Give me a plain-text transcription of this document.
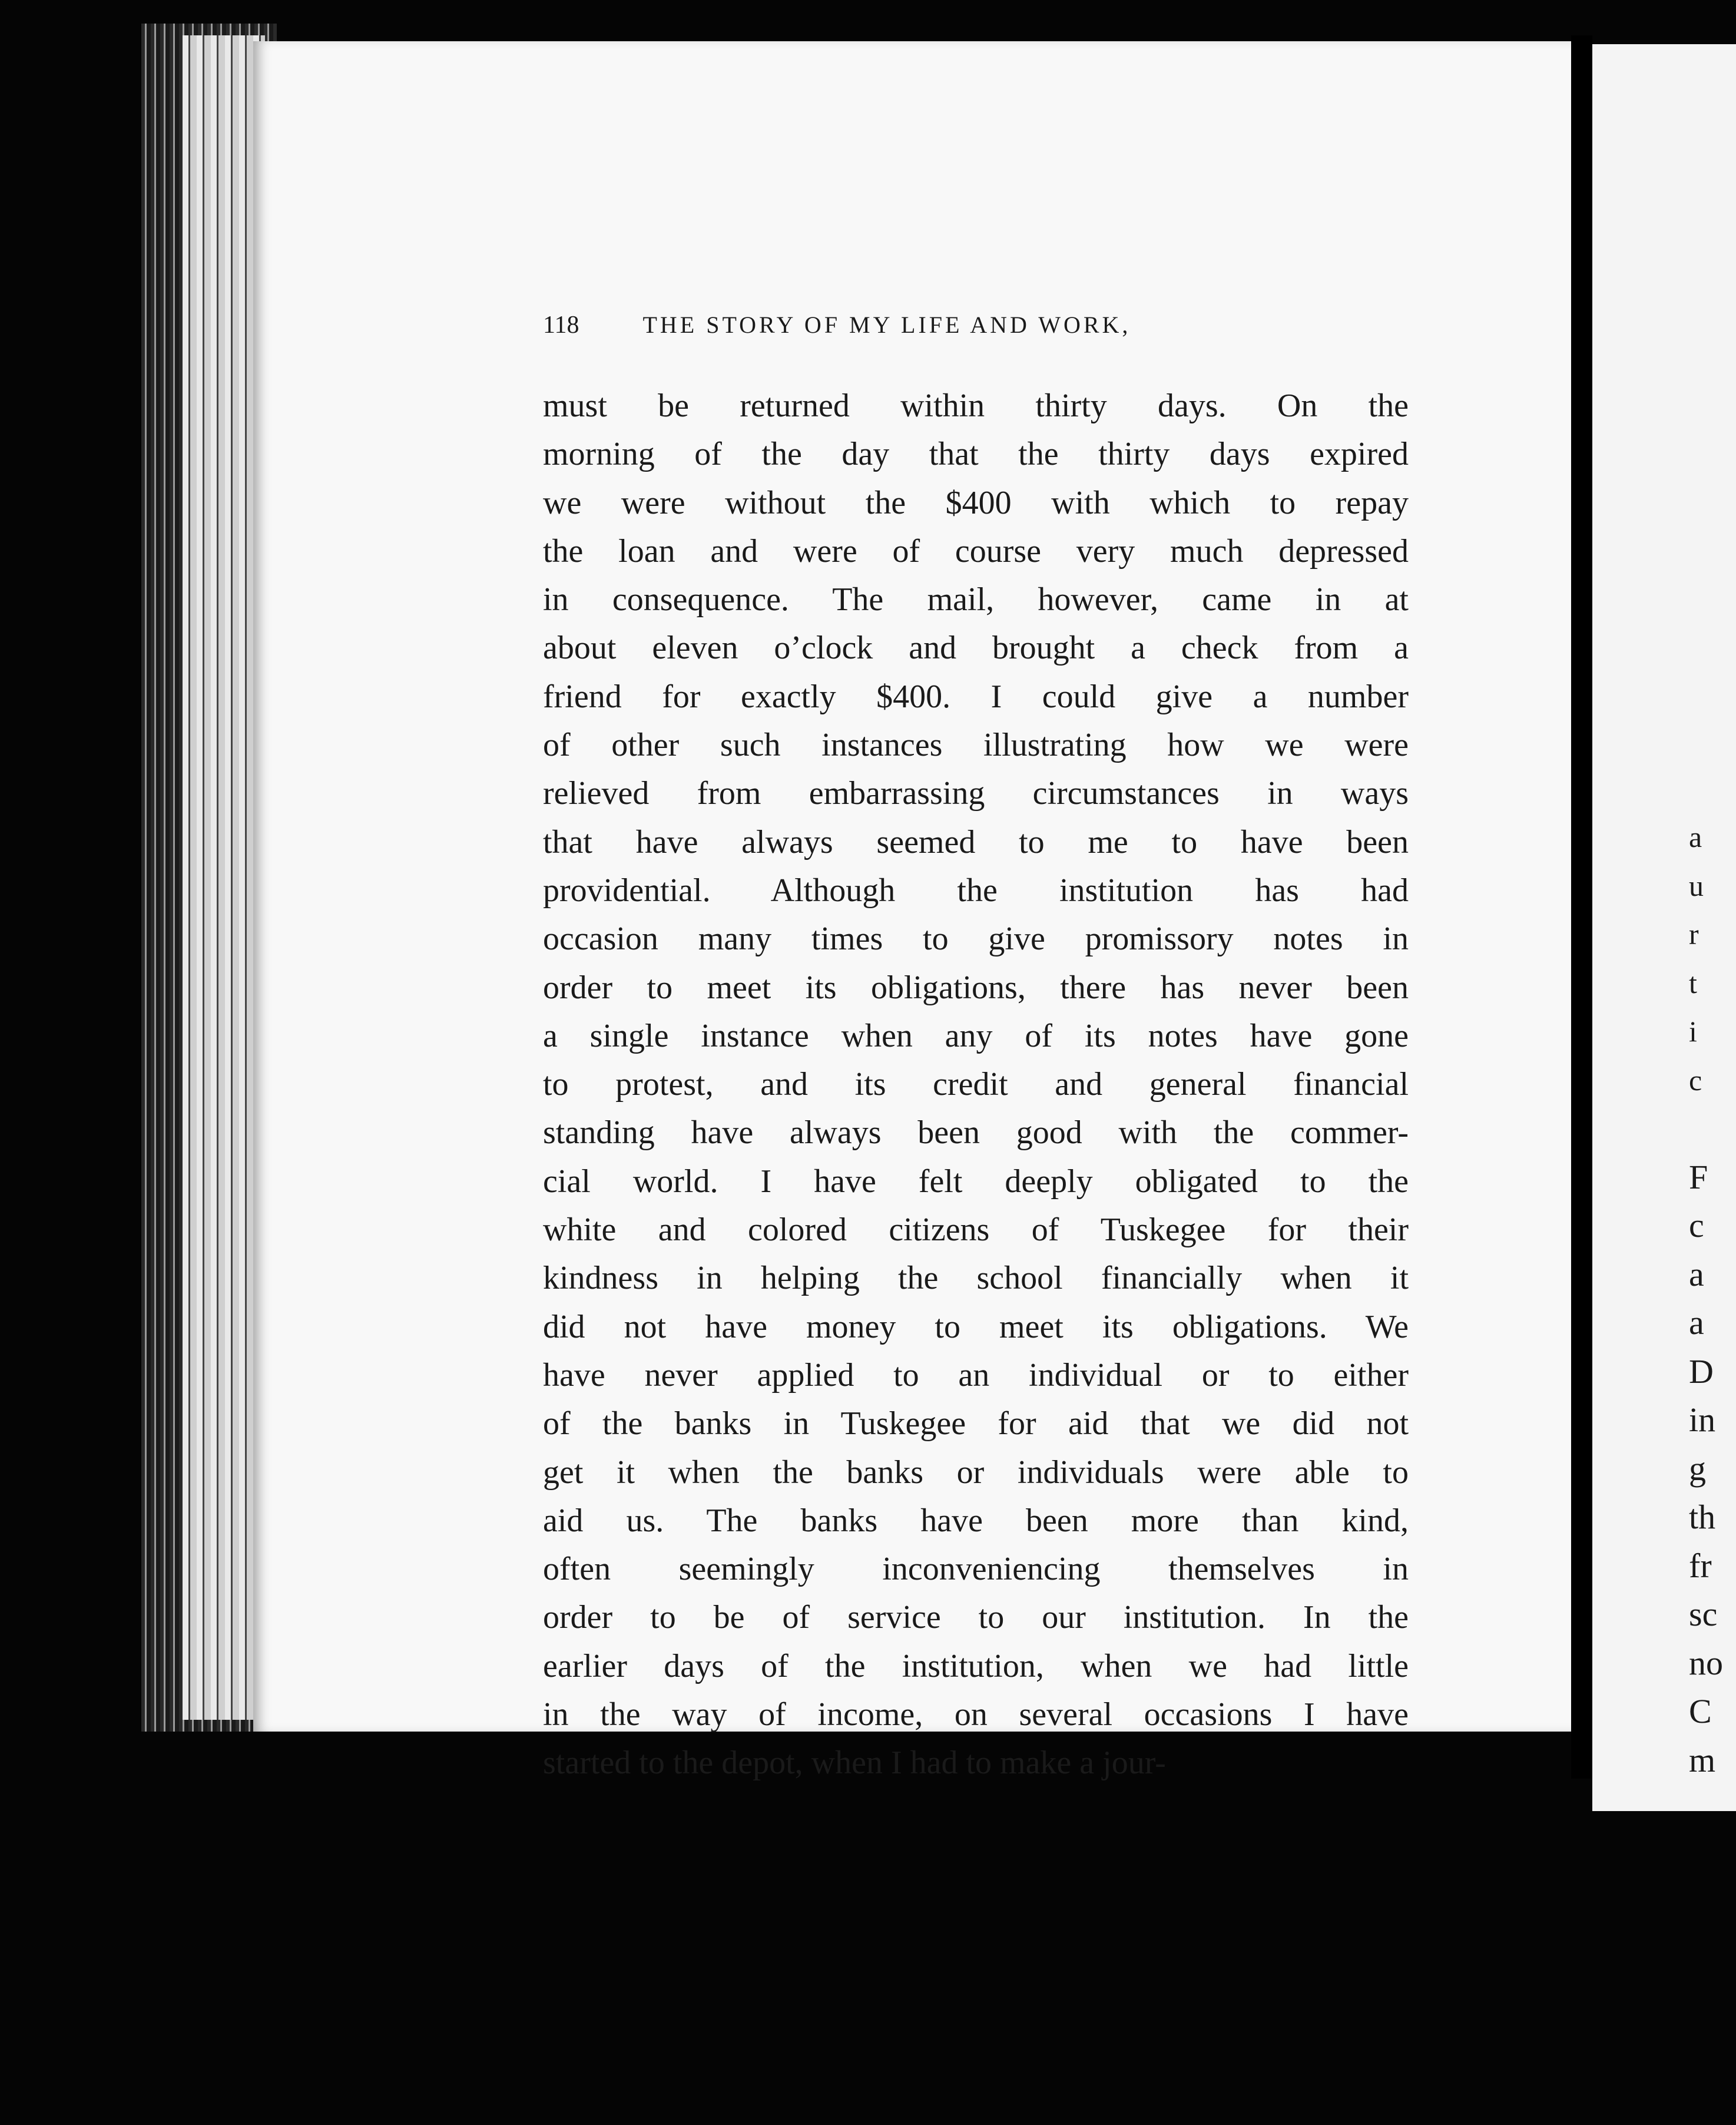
118	THE STORY OF MY LIFE AND WORK,
must be returned within thirty days. On the
morning of the day that the thirty days expired
we were without the $400 with which to repay
the loan and were of course very much depressed
in consequence. The mail, however, came in at
about eleven o’clock and brought a check from a
friend for exactly $400. I could give a number
of other such instances illustrating how we were
relieved from embarrassing circumstances in ways
that have always seemed to me to have been
providential. Although the institution has had
occasion many times to give promissory notes in
order to meet its obligations, there has never been
a single instance when any of its notes have gone
to protest, and its credit and general financial
standing have always been good with the commer-
cial world. I have felt deeply obligated to the
white and colored citizens of Tuskegee for their
kindness in helping the school financially when it
did not have money to meet its obligations. We
have never applied to an individual or to either
of the banks in Tuskegee for aid that we did not
get it when the banks or individuals were able to
aid us. The banks have been more than kind,
often seemingly inconveniencing themselves in
order to be of service to our institution. In the
earlier days of the institution, when we had little
in the way of income, on several occasions I have
started to the depot, when I had to make a jour-
a
u
r
t
i
c
F
c
a
a
D
in
g
th
fr
sc
no
C
m
